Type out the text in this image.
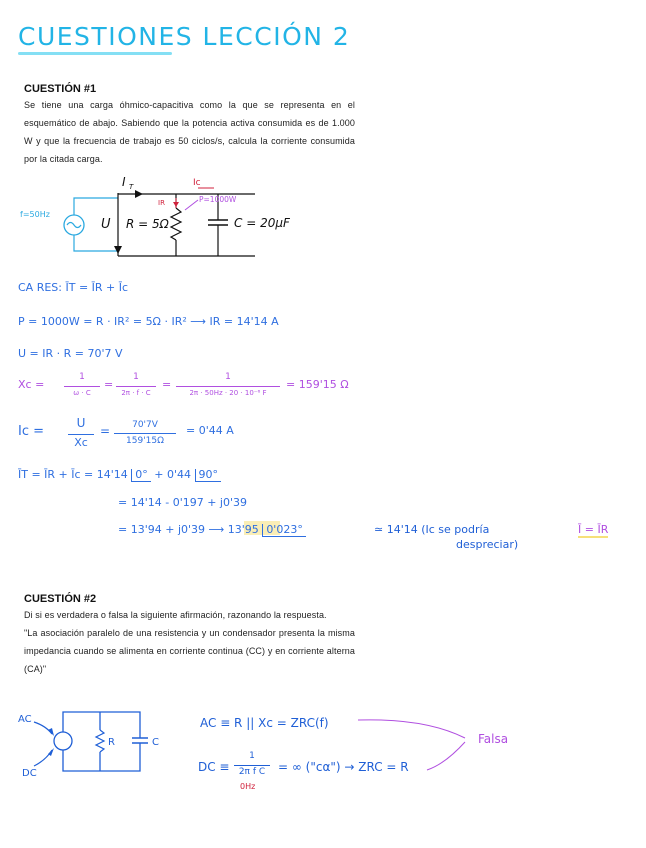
CUESTIONES LECCIÓN 2
CUESTIÓN #1
Se tiene una carga óhmico-capacitiva como la que se representa en el esquemático de abajo. Sabiendo que la potencia activa consumida es de 1.000 W y que la frecuencia de trabajo es 50 ciclos/s, calcula la corriente consumida por la citada carga.
f=50Hz
U
I T	Ic
IR	P=1000W
R = 5Ω	C = 20μF
CA RES: ĪT = ĪR + Īc
P = 1000W = R · IR² = 5Ω · IR² ⟶ IR = 14'14 A
U = IR · R = 70'7 V
Xc =
1
ω · C
=
1
2π · f · C
=
1
2π · 50Hz · 20 · 10⁻⁶ F
= 159'15 Ω
Ic =
U
Xc
=	70'7V
159'15Ω
= 0'44 A
ĪT = ĪR + Īc = 14'14 0° + 0'44 90°
= 14'14 - 0'197 + j0'39
= 13'94 + j0'39 ⟶ 13'95 0'023°	≃ 14'14 (Ic se podría
despreciar)
Ī = ĪR
CUESTIÓN #2
Di si es verdadera o falsa la siguiente afirmación, razonando la respuesta.
"La asociación paralelo de una resistencia y un condensador presenta la misma impedancia cuando se alimenta en corriente continua (CC) y en corriente alterna (CA)"
AC
DC
R	C
AC ≡ R || Xc = ZRC(f)
DC ≡
1
2π f C
0Hz
= ∞ ("cα") → ZRC = R
Falsa
